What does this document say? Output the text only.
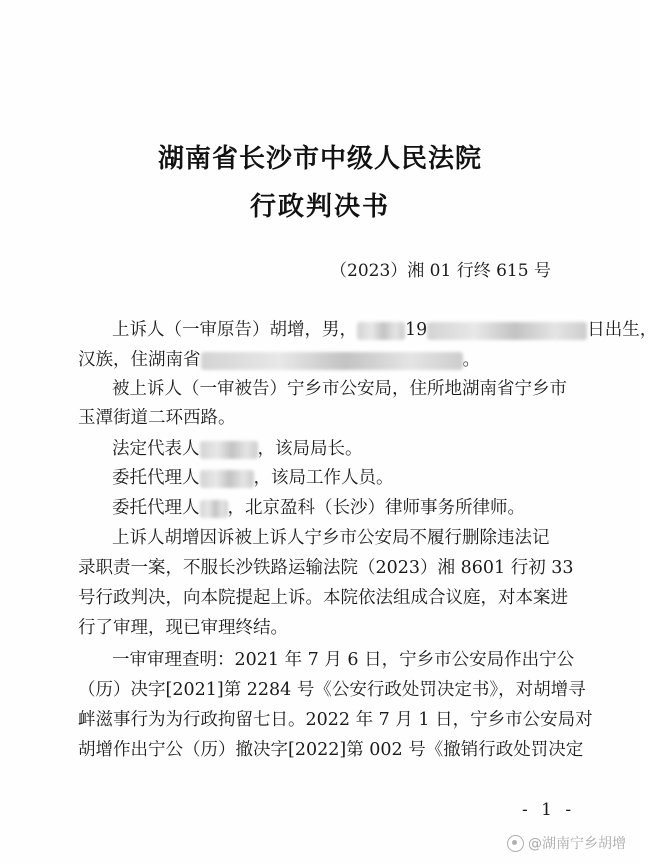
湖南省长沙市中级人民法院
行政判决书
（2023）湘 01 行终 615 号
上诉人（一审原告）胡增，男，	19	日出生，
汉族，住湖南省	。
被上诉人（一审被告）宁乡市公安局，住所地湖南省宁乡市
玉潭街道二环西路。
法定代表人	，该局局长。
委托代理人	，该局工作人员。
委托代理人 ，北京盈科（长沙）律师事务所律师。
上诉人胡增因诉被上诉人宁乡市公安局不履行删除违法记
录职责一案，不服长沙铁路运输法院（2023）湘 8601 行初 33
号行政判决，向本院提起上诉。本院依法组成合议庭，对本案进
行了审理，现已审理终结。
一审审理查明：2021 年 7 月 6 日，宁乡市公安局作出宁公
（历）决字[2021]第 2284 号《公安行政处罚决定书》，对胡增寻
衅滋事行为为行政拘留七日。2022 年 7 月 1 日，宁乡市公安局对
胡增作出宁公（历）撤决字[2022]第 002 号《撤销行政处罚决定
- 1 -
@湖南宁乡胡增
